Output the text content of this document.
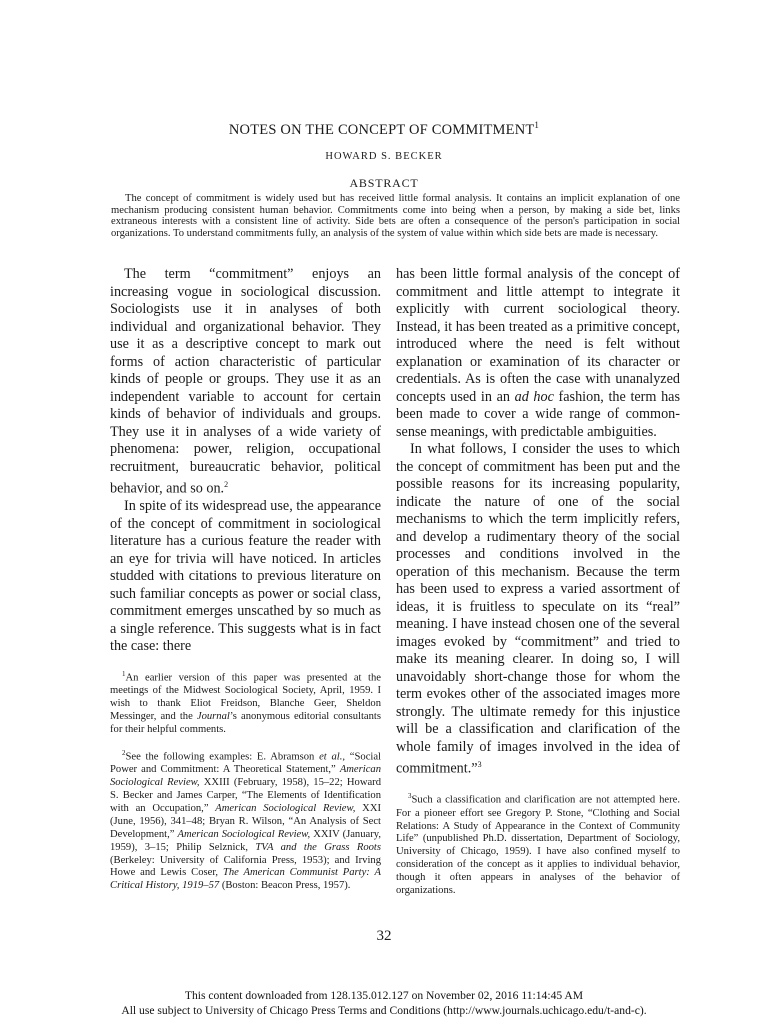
NOTES ON THE CONCEPT OF COMMITMENT$^1$
HOWARD S. BECKER
ABSTRACT

The concept of commitment is widely used but has received little formal analysis. It contains an implicit explanation of one mechanism producing consistent human behavior. Commitments come into being when a person, by making a side bet, links extraneous interests with a consistent line of activity. Side bets are often a consequence of the person's participation in social organizations. To understand commitments fully, an analysis of the system of value within which side bets are made is necessary.

The term “commitment” enjoys an increasing vogue in sociological discussion. Sociologists use it in analyses of both individual and organizational behavior. They use it as a descriptive concept to mark out forms of action characteristic of particular kinds of people or groups. They use it as an independent variable to account for certain kinds of behavior of individuals and groups. They use it in analyses of a wide variety of phenomena: power, religion, occupational recruitment, bureaucratic behavior, political behavior, and so on.$^2$

In spite of its widespread use, the appearance of the concept of commitment in sociological literature has a curious feature the reader with an eye for trivia will have noticed. In articles studded with citations to previous literature on such familiar concepts as power or social class, commitment emerges unscathed by so much as a single reference. This suggests what is in fact the case: there

$^1$An earlier version of this paper was presented at the meetings of the Midwest Sociological Society, April, 1959. I wish to thank Eliot Freidson, Blanche Geer, Sheldon Messinger, and the Journal’s anonymous editorial consultants for their helpful comments.

$^2$See the following examples: E. Abramson et al., “Social Power and Commitment: A Theoretical Statement,” American Sociological Review, XXIII (February, 1958), 15–22; Howard S. Becker and James Carper, “The Elements of Identification with an Occupation,” American Sociological Review, XXI (June, 1956), 341–48; Bryan R. Wilson, “An Analysis of Sect Development,” American Sociological Review, XXIV (January, 1959), 3–15; Philip Selznick, TVA and the Grass Roots (Berkeley: University of California Press, 1953); and Irving Howe and Lewis Coser, The American Communist Party: A Critical History, 1919–57 (Boston: Beacon Press, 1957).

has been little formal analysis of the concept of commitment and little attempt to integrate it explicitly with current sociological theory. Instead, it has been treated as a primitive concept, introduced where the need is felt without explanation or examination of its character or credentials. As is often the case with unanalyzed concepts used in an ad hoc fashion, the term has been made to cover a wide range of common-sense meanings, with predictable ambiguities.

In what follows, I consider the uses to which the concept of commitment has been put and the possible reasons for its increasing popularity, indicate the nature of one of the social mechanisms to which the term implicitly refers, and develop a rudimentary theory of the social processes and conditions involved in the operation of this mechanism. Because the term has been used to express a varied assortment of ideas, it is fruitless to speculate on its “real” meaning. I have instead chosen one of the several images evoked by “commitment” and tried to make its meaning clearer. In doing so, I will unavoidably short-change those for whom the term evokes other of the associated images more strongly. The ultimate remedy for this injustice will be a classification and clarification of the whole family of images involved in the idea of commitment.”$^3$

$^3$Such a classification and clarification are not attempted here. For a pioneer effort see Gregory P. Stone, “Clothing and Social Relations: A Study of Appearance in the Context of Community Life” (unpublished Ph.D. dissertation, Department of Sociology, University of Chicago, 1959). I have also confined myself to consideration of the concept as it applies to individual behavior, though it often appears in analyses of the behavior of organizations.

32
This content downloaded from 128.135.012.127 on November 02, 2016 11:14:45 AM
All use subject to University of Chicago Press Terms and Conditions (http://www.journals.uchicago.edu/t-and-c).
